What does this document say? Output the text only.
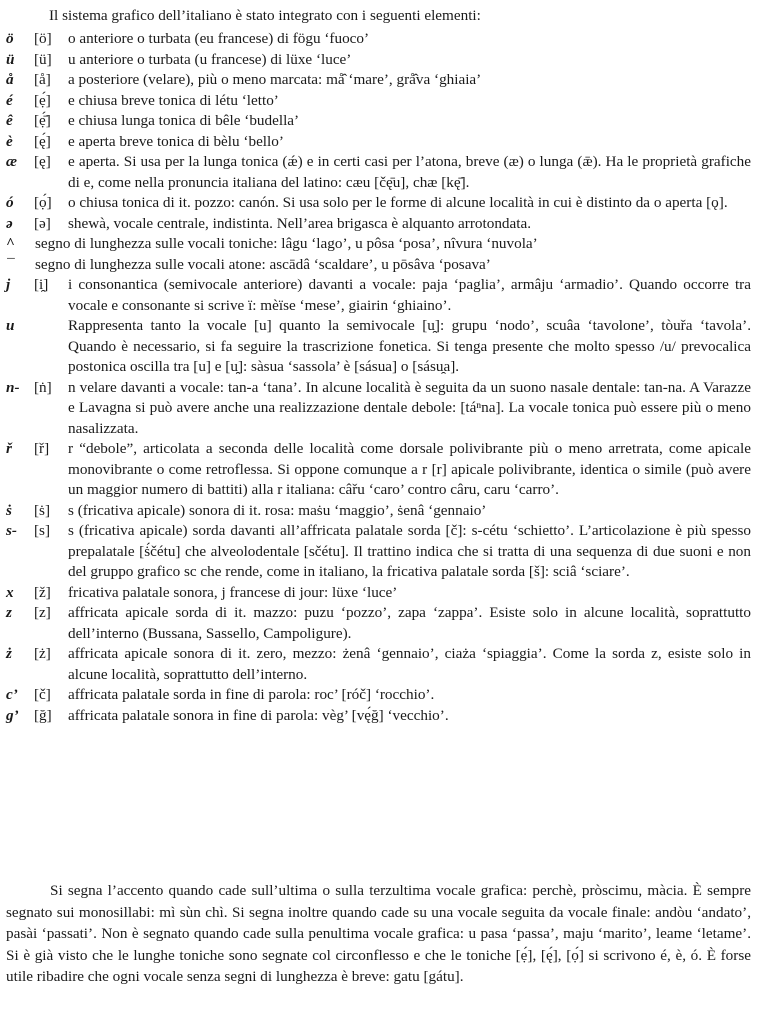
Il sistema grafico dell’italiano è stato integrato con i seguenti elementi:
ö [ö] o anteriore o turbata (eu francese) di fögu ‘fuoco’
ü [ü] u anteriore o turbata (u francese) di lüxe ‘luce’
å [å] a posteriore (velare), più o meno marcata: må̂ ‘mare’, grå̂va ‘ghiaia’
é [ẹ́] e chiusa breve tonica di létu ‘letto’
ê [ẹ̄́] e chiusa lunga tonica di bêle ‘budella’
è [ę́] e aperta breve tonica di bèlu ‘bello’
æ [ę] e aperta. Si usa per la lunga tonica (ǽ) e in certi casi per l’atona, breve (æ) o lunga (ǣ). Ha le proprietà grafiche di e, come nella pronuncia italiana del latino: cæu [čę̄u], chæ [kę̄].
ó [ọ́] o chiusa tonica di it. pozzo: canón. Si usa solo per le forme di alcune località in cui è distinto da o aperta [ǫ].
ə [ə] shewà, vocale centrale, indistinta. Nell’area brigasca è alquanto arrotondata.
^ segno di lunghezza sulle vocali toniche: lâgu ‘lago’, u pôsa ‘posa’, nîvura ‘nuvola’
¯ segno di lunghezza sulle vocali atone: ascādâ ‘scaldare’, u pōsâva ‘posava’
j [i̯] i consonantica (semivocale anteriore) davanti a vocale: paja ‘paglia’, armâju ‘armadio’. Quando occorre tra vocale e consonante si scrive ï: mèïse ‘mese’, giairin ‘ghiaino’.
u	Rappresenta tanto la vocale [u] quanto la semivocale [u̯]: grupu ‘nodo’, scuâa ‘tavolone’, tòuřa ‘tavola’. Quando è necessario, si fa seguire la trascrizione fonetica. Si tenga presente che molto spesso /u/ prevocalica postonica oscilla tra [u] e [u̯]: sàsua ‘sassola’ è [sásua] o [sásu̯a].
n- [ṅ] n velare davanti a vocale: tan-a ‘tana’. In alcune località è seguita da un suono nasale dentale: tan-na. A Varazze e Lavagna si può avere anche una realizzazione dentale debole: [táⁿna]. La vocale tonica può essere più o meno nasalizzata.
ř [ř] r “debole”, articolata a seconda delle località come dorsale polivibrante più o meno arretrata, come apicale monovibrante o come retroflessa. Si oppone comunque a r [r] apicale polivibrante, identica o simile (può avere un maggior numero di battiti) alla r italiana: câřu ‘caro’ contro câru, caru ‘carro’.
ṡ [ṡ] s (fricativa apicale) sonora di it. rosa: maṡu ‘maggio’, ṡenâ ‘gennaio’
s- [s] s (fricativa apicale) sorda davanti all’affricata palatale sorda [č]: s-cétu ‘schietto’. L’articolazione è più spesso prepalatale [ṡ́čétu] che alveolodentale [sčétu]. Il trattino indica che si tratta di una sequenza di due suoni e non del gruppo grafico sc che rende, come in italiano, la fricativa palatale sorda [š]: sciâ ‘sciare’.
x [ž] fricativa palatale sonora, j francese di jour: lüxe ‘luce’
z [z] affricata apicale sorda di it. mazzo: puzu ‘pozzo’, zapa ‘zappa’. Esiste solo in alcune località, soprattutto dell’interno (Bussana, Sassello, Campoligure).
ż [ż] affricata apicale sonora di it. zero, mezzo: żenâ ‘gennaio’, ciaża ‘spiaggia’. Come la sorda z, esiste solo in alcune località, soprattutto dell’interno.
c’ [č] affricata palatale sorda in fine di parola: roc’ [róč] ‘rocchio’.
g’ [ğ] affricata palatale sonora in fine di parola: vèg’ [vę́ğ] ‘vecchio’.
Si segna l’accento quando cade sull’ultima o sulla terzultima vocale grafica: perchè, pròscimu, màcia. È sempre segnato sui monosillabi: mì sùn chì. Si segna inoltre quando cade su una vocale seguita da vocale finale: andòu ‘andato’, pasài ‘passati’. Non è segnato quando cade sulla penultima vocale grafica: u pasa ‘passa’, maju ‘marito’, leame ‘letame’. Si è già visto che le lunghe toniche sono segnate col circonflesso e che le toniche [ẹ́], [ę́], [ọ́] si scrivono é, è, ó. È forse utile ribadire che ogni vocale senza segni di lunghezza è breve: gatu [gátu].
